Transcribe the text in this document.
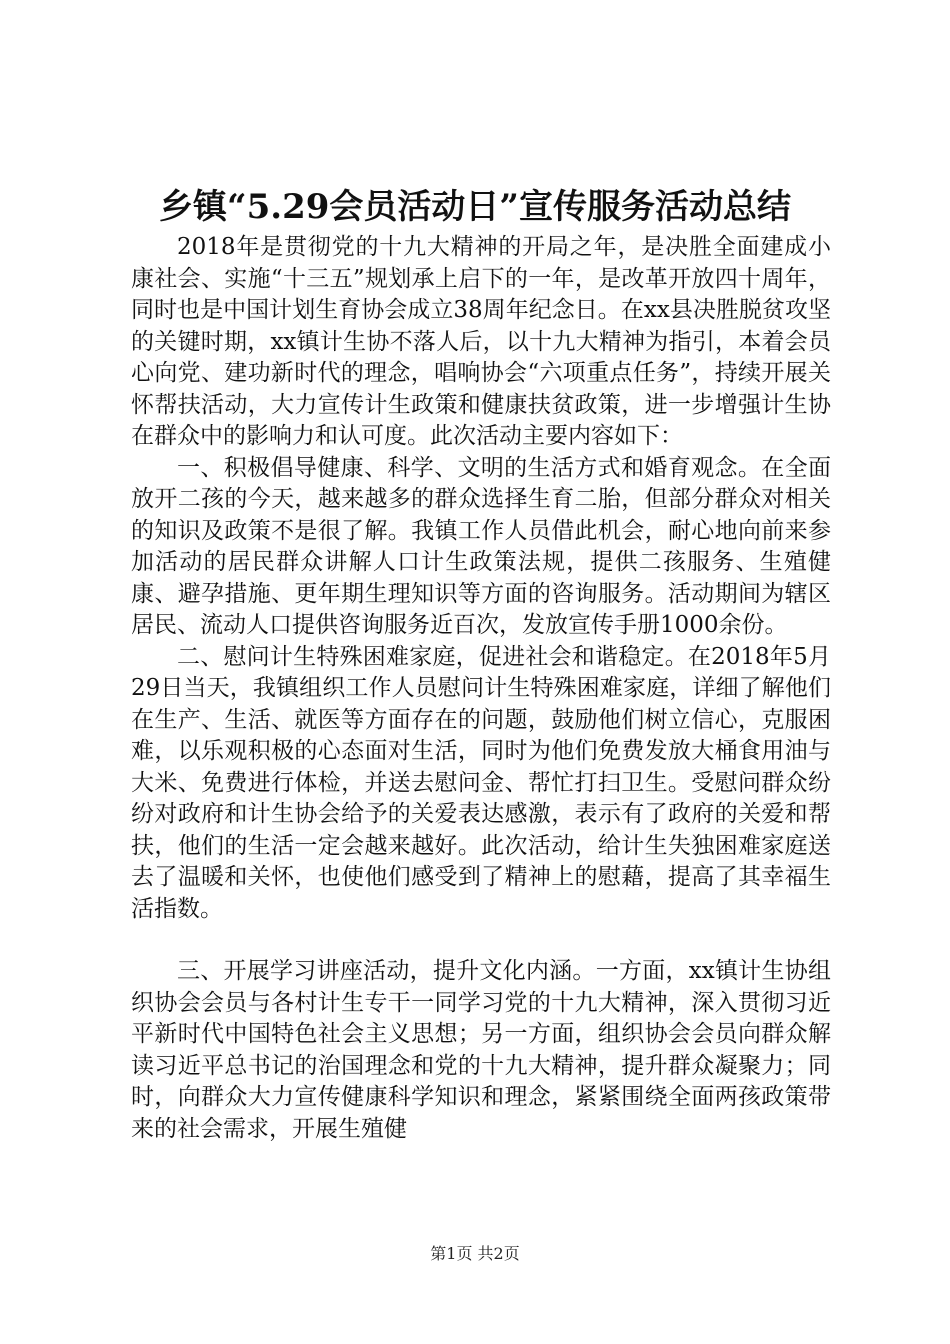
乡镇“5.29会员活动日”宣传服务活动总结

2018年是贯彻党的十九大精神的开局之年，是决胜全面建成小康社会、实施“十三五”规划承上启下的一年，是改革开放四十周年，同时也是中国计划生育协会成立38周年纪念日。在xx县决胜脱贫攻坚的关键时期，xx镇计生协不落人后，以十九大精神为指引，本着会员心向党、建功新时代的理念，唱响协会“六项重点任务”，持续开展关怀帮扶活动，大力宣传计生政策和健康扶贫政策，进一步增强计生协在群众中的影响力和认可度。此次活动主要内容如下：

一、积极倡导健康、科学、文明的生活方式和婚育观念。在全面放开二孩的今天，越来越多的群众选择生育二胎，但部分群众对相关的知识及政策不是很了解。我镇工作人员借此机会，耐心地向前来参加活动的居民群众讲解人口计生政策法规，提供二孩服务、生殖健康、避孕措施、更年期生理知识等方面的咨询服务。活动期间为辖区居民、流动人口提供咨询服务近百次，发放宣传手册1000余份。

二、慰问计生特殊困难家庭，促进社会和谐稳定。在2018年5月29日当天，我镇组织工作人员慰问计生特殊困难家庭，详细了解他们在生产、生活、就医等方面存在的问题，鼓励他们树立信心，克服困难，以乐观积极的心态面对生活，同时为他们免费发放大桶食用油与大米、免费进行体检，并送去慰问金、帮忙打扫卫生。受慰问群众纷纷对政府和计生协会给予的关爱表达感激，表示有了政府的关爱和帮扶，他们的生活一定会越来越好。此次活动，给计生失独困难家庭送去了温暖和关怀，也使他们感受到了精神上的慰藉，提高了其幸福生活指数。

三、开展学习讲座活动，提升文化内涵。一方面，xx镇计生协组织协会会员与各村计生专干一同学习党的十九大精神，深入贯彻习近平新时代中国特色社会主义思想；另一方面，组织协会会员向群众解读习近平总书记的治国理念和党的十九大精神，提升群众凝聚力；同时，向群众大力宣传健康科学知识和理念，紧紧围绕全面两孩政策带来的社会需求，开展生殖健

第1页 共2页
